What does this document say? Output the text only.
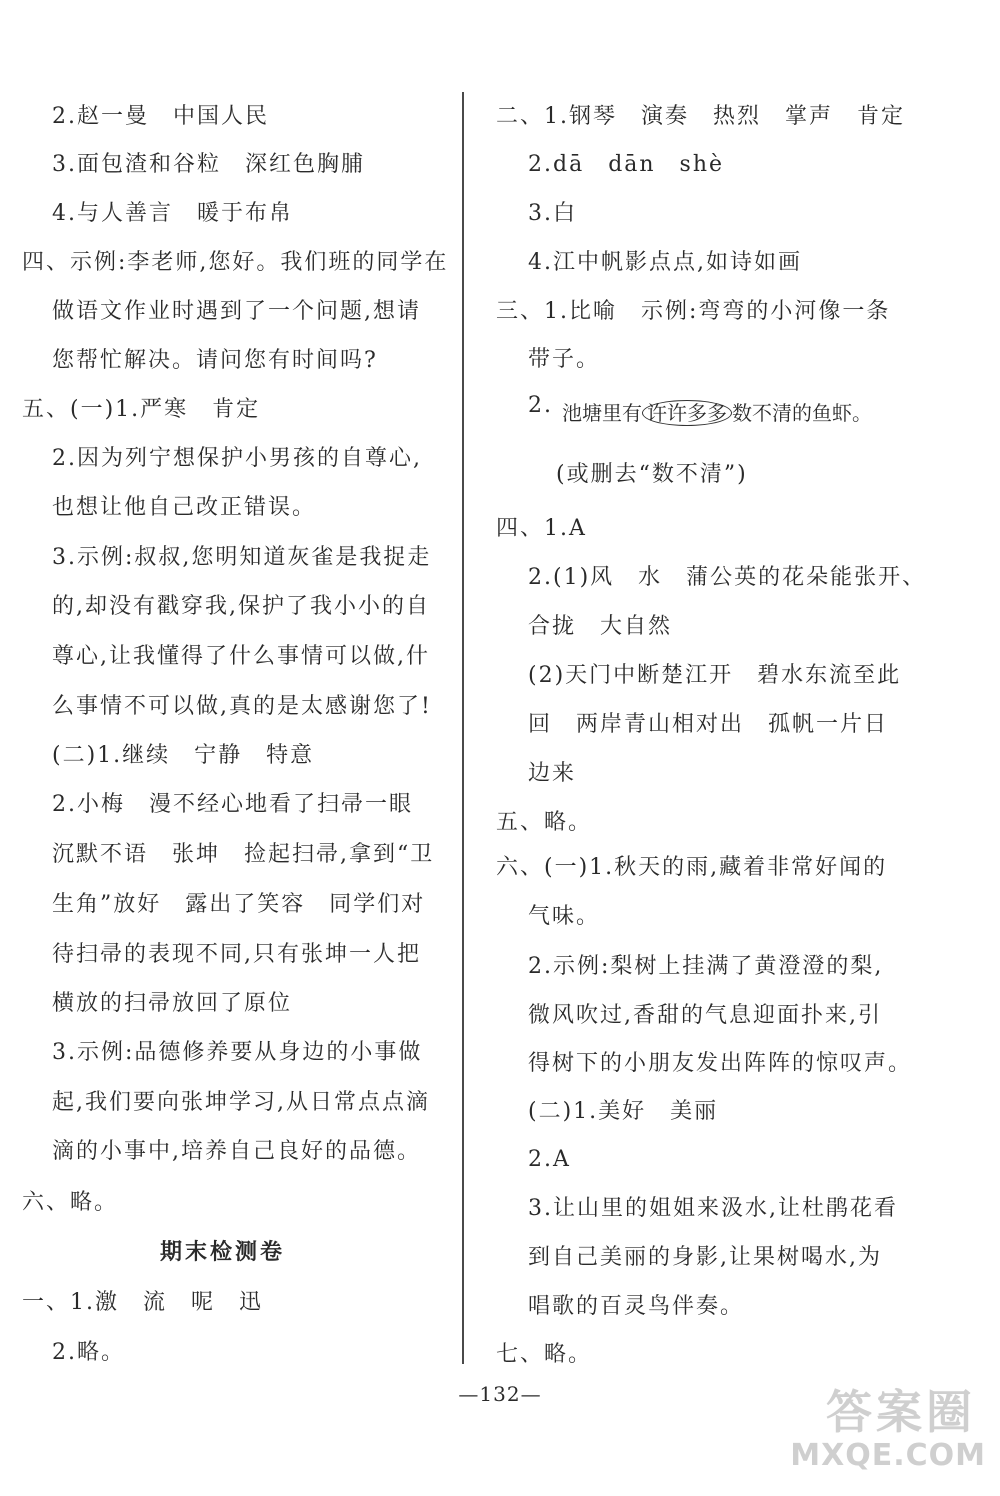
2.赵一曼　中国人民
3.面包渣和谷粒　深红色胸脯
4.与人善言　暖于布帛
四、示例:李老师,您好。我们班的同学在
做语文作业时遇到了一个问题,想请
您帮忙解决。请问您有时间吗?
五、(一)1.严寒　肯定
2.因为列宁想保护小男孩的自尊心,
也想让他自己改正错误。
3.示例:叔叔,您明知道灰雀是我捉走
的,却没有戳穿我,保护了我小小的自
尊心,让我懂得了什么事情可以做,什
么事情不可以做,真的是太感谢您了!
(二)1.继续　宁静　特意
2.小梅　漫不经心地看了扫帚一眼
沉默不语　张坤　捡起扫帚,拿到“卫
生角”放好　露出了笑容　同学们对
待扫帚的表现不同,只有张坤一人把
横放的扫帚放回了原位
3.示例:品德修养要从身边的小事做
起,我们要向张坤学习,从日常点点滴
滴的小事中,培养自己良好的品德。
六、略。
期末检测卷
一、1.激　流　呢　迅
2.略。
二、1.钢琴　演奏　热烈　掌声　肯定
2.dā　dān　shè
3.白
4.江中帆影点点,如诗如画
三、1.比喻　示例:弯弯的小河像一条
带子。
2. 池塘里有 许许多多 数不清的鱼虾。
(或删去“数不清”)
四、1.A
2.(1)风　水　蒲公英的花朵能张开、
合拢　大自然
(2)天门中断楚江开　碧水东流至此
回　两岸青山相对出　孤帆一片日
边来
五、略。
六、(一)1.秋天的雨,藏着非常好闻的
气味。
2.示例:梨树上挂满了黄澄澄的梨,
微风吹过,香甜的气息迎面扑来,引
得树下的小朋友发出阵阵的惊叹声。
(二)1.美好　美丽
2.A
3.让山里的姐姐来汲水,让杜鹃花看
到自己美丽的身影,让果树喝水,为
唱歌的百灵鸟伴奏。
七、略。
—132—	答案圈
MXQE.COM
